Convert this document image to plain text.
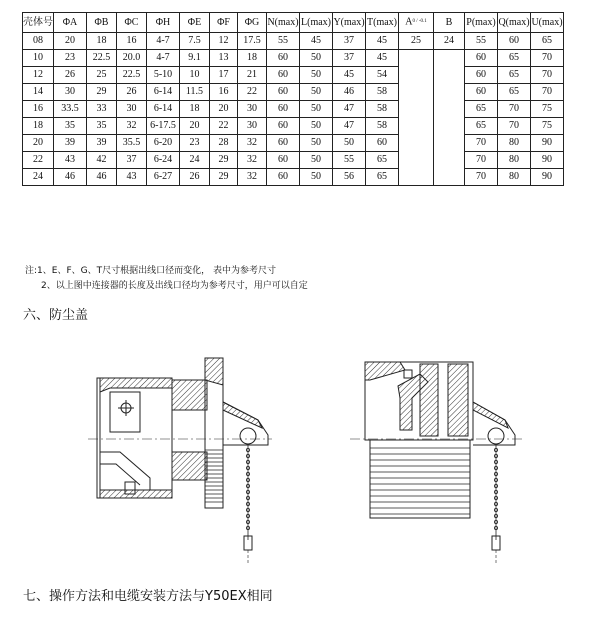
壳体号	ΦA	ΦB	ΦC	ΦH	ΦE	ΦF	ΦG	N(max)	L(max)	Y(max)	T(max)	A0 / -0.1	B	P(max)	Q(max)	U(max)
08	20	18	16	4-7	7.5	12	17.5	55	45	37	45	25	24	55	60	65
10	23	22.5	20.0	4-7	9.1	13	18	60	50	37	45			60	65	70
12	26	25	22.5	5-10	10	17	21	60	50	45	54			60	65	70
14	30	29	26	6-14	11.5	16	22	60	50	46	58			60	65	70
16	33.5	33	30	6-14	18	20	30	60	50	47	58			65	70	75
18	35	35	32	6-17.5	20	22	30	60	50	47	58			65	70	75
20	39	39	35.5	6-20	23	28	32	60	50	50	60			70	80	90
22	43	42	37	6-24	24	29	32	60	50	55	65			70	80	90
24	46	46	43	6-27	26	29	32	60	50	56	65			70	80	90
注:1、E、F、G、T尺寸根据出线口径而变化， 表中为参考尺寸
2、以上图中连接器的长度及出线口径均为参考尺寸，用户可以自定
六、防尘盖
七、操作方法和电缆安装方法与Y50EX相同
